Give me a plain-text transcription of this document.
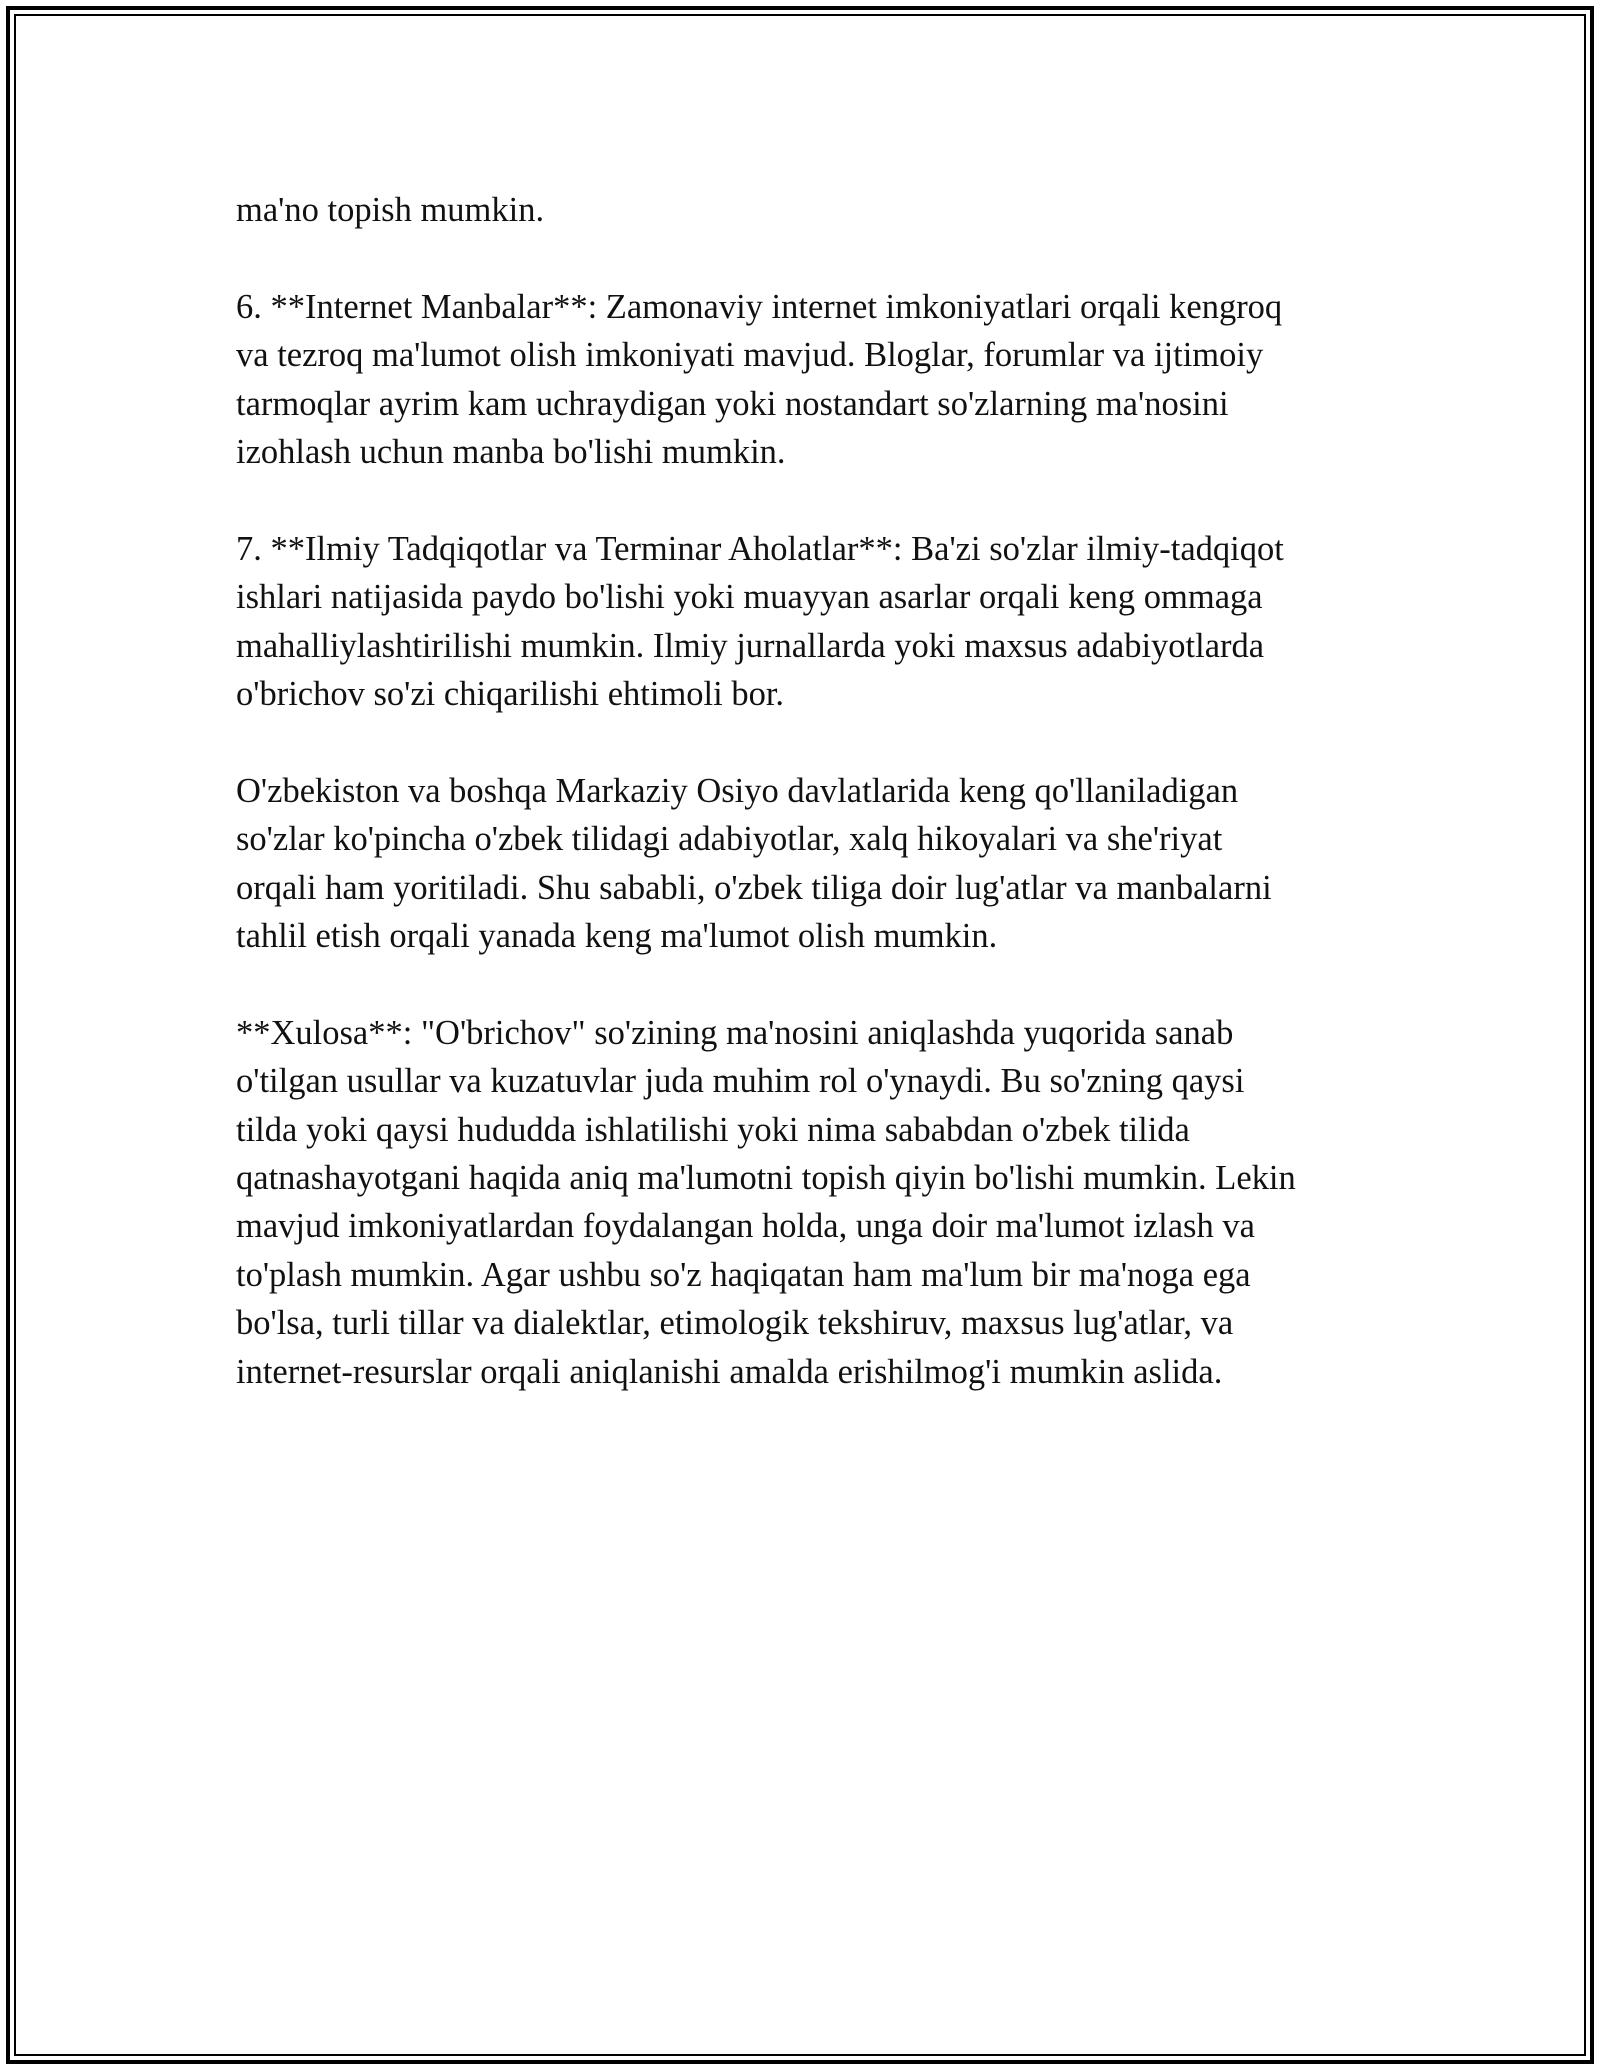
ma'no topish mumkin.

6. **Internet Manbalar**: Zamonaviy internet imkoniyatlari orqali kengroq
va tezroq ma'lumot olish imkoniyati mavjud. Bloglar, forumlar va ijtimoiy
tarmoqlar ayrim kam uchraydigan yoki nostandart so'zlarning ma'nosini
izohlash uchun manba bo'lishi mumkin.

7. **Ilmiy Tadqiqotlar va Terminar Aholatlar**: Ba'zi so'zlar ilmiy-tadqiqot
ishlari natijasida paydo bo'lishi yoki muayyan asarlar orqali keng ommaga
mahalliylashtirilishi mumkin. Ilmiy jurnallarda yoki maxsus adabiyotlarda
o'brichov so'zi chiqarilishi ehtimoli bor.

O'zbekiston va boshqa Markaziy Osiyo davlatlarida keng qo'llaniladigan
so'zlar ko'pincha o'zbek tilidagi adabiyotlar, xalq hikoyalari va she'riyat
orqali ham yoritiladi. Shu sababli, o'zbek tiliga doir lug'atlar va manbalarni
tahlil etish orqali yanada keng ma'lumot olish mumkin.

**Xulosa**: "O'brichov" so'zining ma'nosini aniqlashda yuqorida sanab
o'tilgan usullar va kuzatuvlar juda muhim rol o'ynaydi. Bu so'zning qaysi
tilda yoki qaysi hududda ishlatilishi yoki nima sababdan o'zbek tilida
qatnashayotgani haqida aniq ma'lumotni topish qiyin bo'lishi mumkin. Lekin
mavjud imkoniyatlardan foydalangan holda, unga doir ma'lumot izlash va
to'plash mumkin. Agar ushbu so'z haqiqatan ham ma'lum bir ma'noga ega
bo'lsa, turli tillar va dialektlar, etimologik tekshiruv, maxsus lug'atlar, va
internet-resurslar orqali aniqlanishi amalda erishilmog'i mumkin aslida.
